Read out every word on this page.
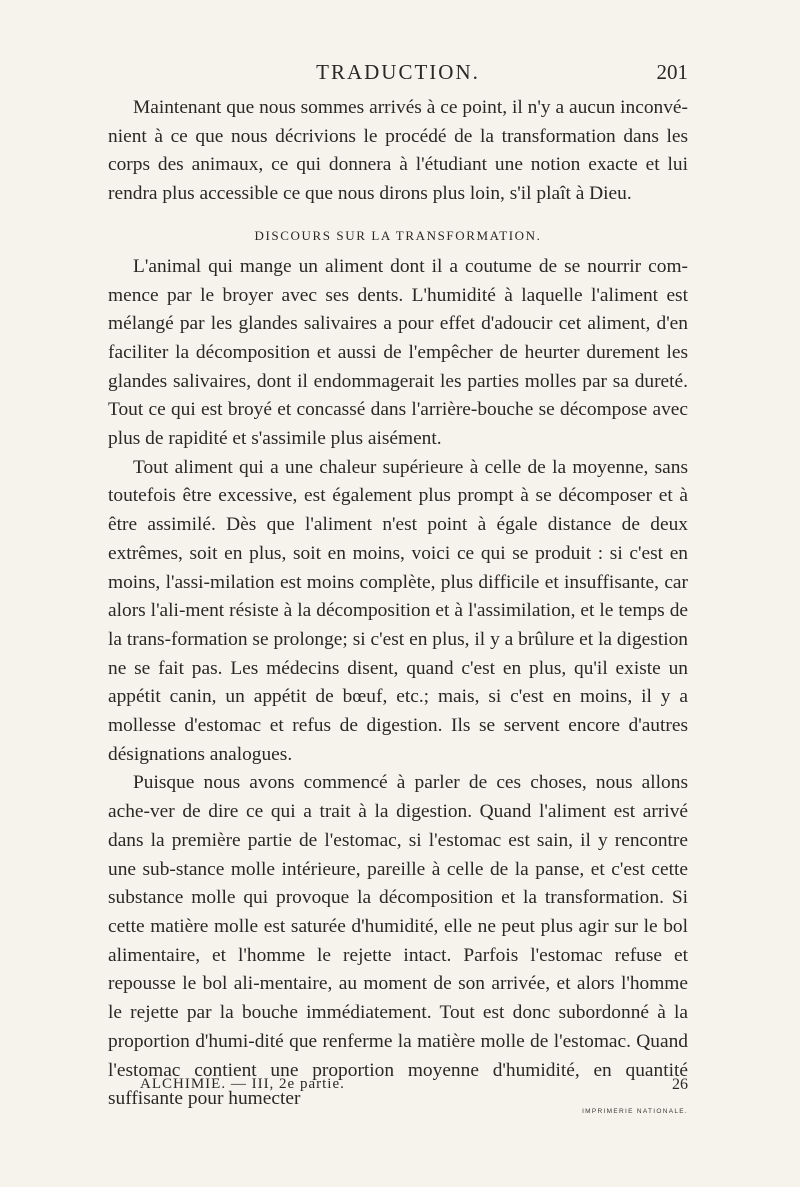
TRADUCTION.	201

Maintenant que nous sommes arrivés à ce point, il n'y a aucun inconvé-nient à ce que nous décrivions le procédé de la transformation dans les corps des animaux, ce qui donnera à l'étudiant une notion exacte et lui rendra plus accessible ce que nous dirons plus loin, s'il plaît à Dieu.

DISCOURS SUR LA TRANSFORMATION.

L'animal qui mange un aliment dont il a coutume de se nourrir com-mence par le broyer avec ses dents. L'humidité à laquelle l'aliment est mélangé par les glandes salivaires a pour effet d'adoucir cet aliment, d'en faciliter la décomposition et aussi de l'empêcher de heurter durement les glandes salivaires, dont il endommagerait les parties molles par sa dureté. Tout ce qui est broyé et concassé dans l'arrière-bouche se décompose avec plus de rapidité et s'assimile plus aisément.

Tout aliment qui a une chaleur supérieure à celle de la moyenne, sans toutefois être excessive, est également plus prompt à se décomposer et à être assimilé. Dès que l'aliment n'est point à égale distance de deux extrêmes, soit en plus, soit en moins, voici ce qui se produit : si c'est en moins, l'assi-milation est moins complète, plus difficile et insuffisante, car alors l'ali-ment résiste à la décomposition et à l'assimilation, et le temps de la trans-formation se prolonge; si c'est en plus, il y a brûlure et la digestion ne se fait pas. Les médecins disent, quand c'est en plus, qu'il existe un appétit canin, un appétit de bœuf, etc.; mais, si c'est en moins, il y a mollesse d'estomac et refus de digestion. Ils se servent encore d'autres désignations analogues.

Puisque nous avons commencé à parler de ces choses, nous allons ache-ver de dire ce qui a trait à la digestion. Quand l'aliment est arrivé dans la première partie de l'estomac, si l'estomac est sain, il y rencontre une sub-stance molle intérieure, pareille à celle de la panse, et c'est cette substance molle qui provoque la décomposition et la transformation. Si cette matière molle est saturée d'humidité, elle ne peut plus agir sur le bol alimentaire, et l'homme le rejette intact. Parfois l'estomac refuse et repousse le bol ali-mentaire, au moment de son arrivée, et alors l'homme le rejette par la bouche immédiatement. Tout est donc subordonné à la proportion d'humi-dité que renferme la matière molle de l'estomac. Quand l'estomac contient une proportion moyenne d'humidité, en quantité suffisante pour humecter

ALCHIMIE. — III, 2e partie.	26
IMPRIMERIE NATIONALE.
